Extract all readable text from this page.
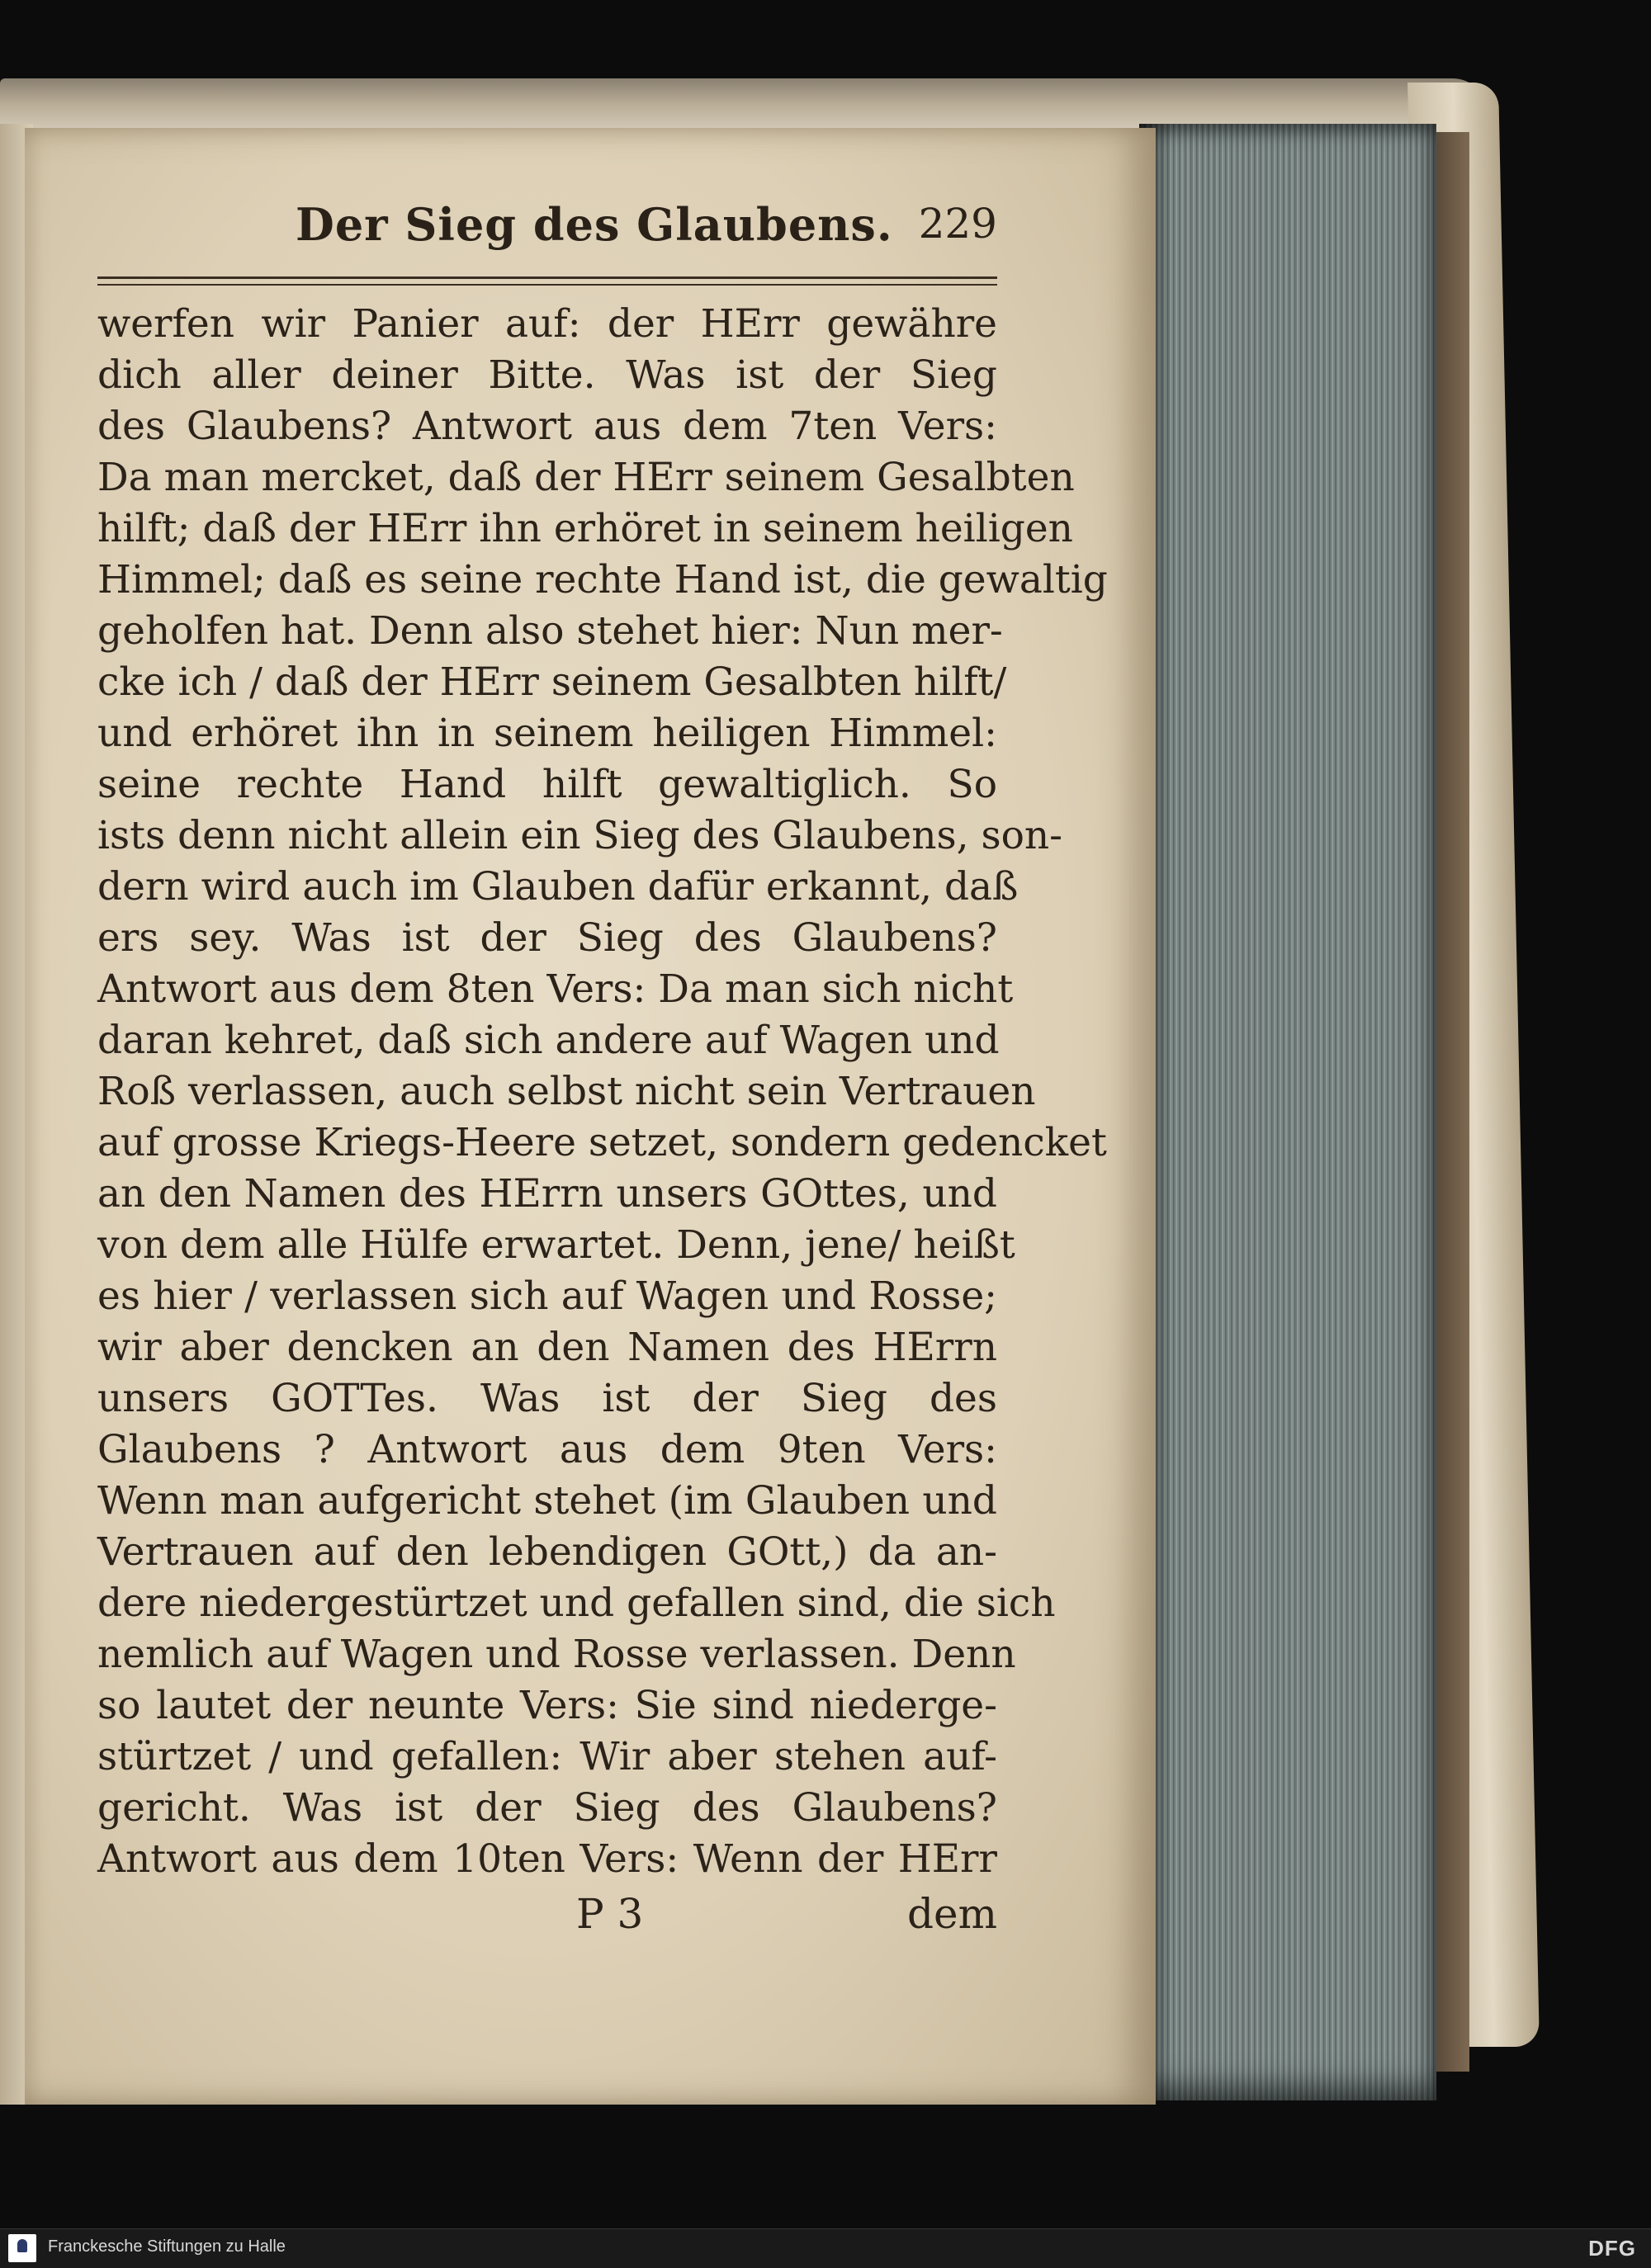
Der Sieg des Glaubens. 229
werfen wir Panier auf: der HErr gewähre
dich aller deiner Bitte. Was ist der Sieg
des Glaubens? Antwort aus dem 7ten Vers:
Da man mercket, daß der HErr seinem Gesalbten
hilft; daß der HErr ihn erhöret in seinem heiligen
Himmel; daß es seine rechte Hand ist, die gewaltig
geholfen hat. Denn also stehet hier: Nun mer-
cke ich / daß der HErr seinem Gesalbten hilft/
und erhöret ihn in seinem heiligen Himmel:
seine rechte Hand hilft gewaltiglich. So
ists denn nicht allein ein Sieg des Glaubens, son-
dern wird auch im Glauben dafür erkannt, daß
ers sey. Was ist der Sieg des Glaubens?
Antwort aus dem 8ten Vers: Da man sich nicht
daran kehret, daß sich andere auf Wagen und
Roß verlassen, auch selbst nicht sein Vertrauen
auf grosse Kriegs-Heere setzet, sondern gedencket
an den Namen des HErrn unsers GOttes, und
von dem alle Hülfe erwartet. Denn, jene/ heißt
es hier / verlassen sich auf Wagen und Rosse;
wir aber dencken an den Namen des HErrn
unsers GOTTes. Was ist der Sieg des
Glaubens ? Antwort aus dem 9ten Vers:
Wenn man aufgericht stehet (im Glauben und
Vertrauen auf den lebendigen GOtt,) da an-
dere niedergestürtzet und gefallen sind, die sich
nemlich auf Wagen und Rosse verlassen. Denn
so lautet der neunte Vers: Sie sind niederge-
stürtzet / und gefallen: Wir aber stehen auf-
gericht. Was ist der Sieg des Glaubens?
Antwort aus dem 10ten Vers: Wenn der HErr
P 3	dem
Franckesche Stiftungen zu Halle	DFG
